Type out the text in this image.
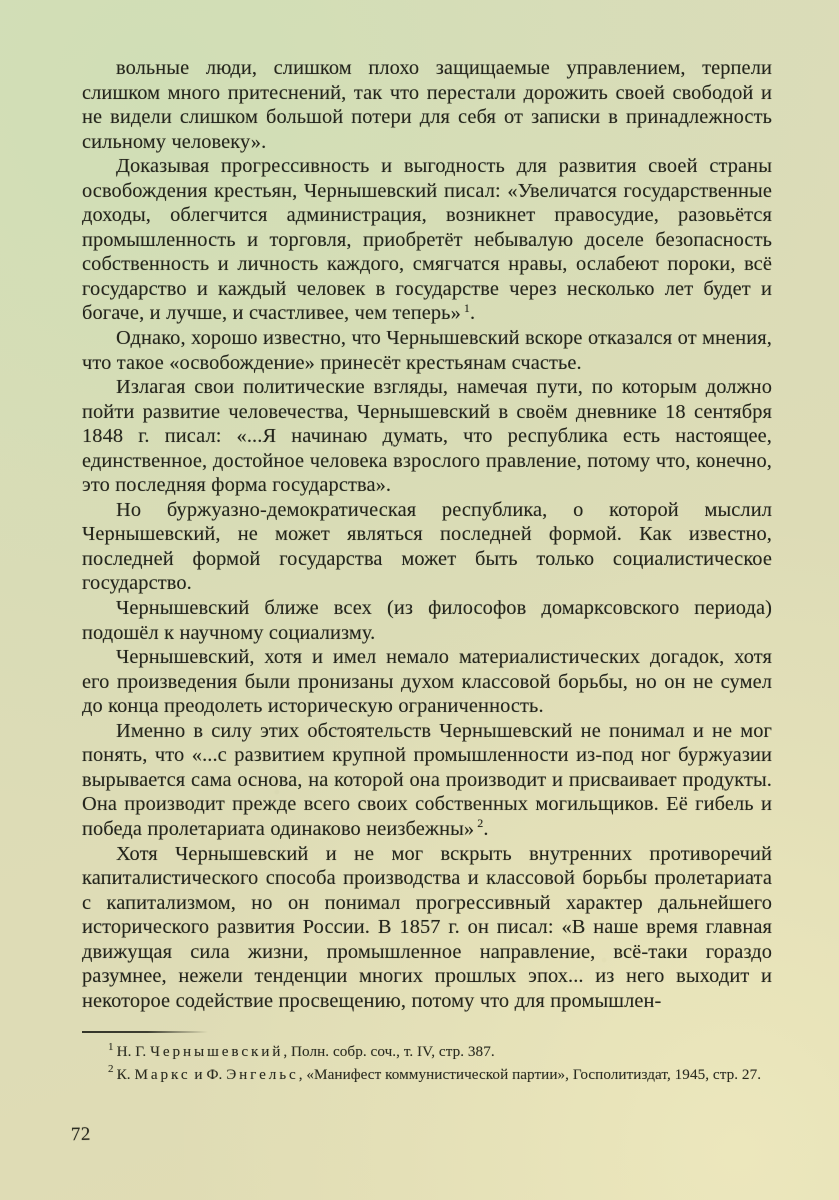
вольные люди, слишком плохо защищаемые управлением, терпели слишком много притеснений, так что перестали дорожить своей свободой и не видели слишком большой потери для себя от записки в принадлежность сильному человеку».

Доказывая прогрессивность и выгодность для развития своей страны освобождения крестьян, Чернышевский писал: «Увеличатся государственные доходы, облегчится администрация, возникнет правосудие, разовьётся промышленность и торговля, приобретёт небывалую доселе безопасность собственность и личность каждого, смягчатся нравы, ослабеют пороки, всё государство и каждый человек в государстве через несколько лет будет и богаче, и лучше, и счастливее, чем теперь» $^1$.

Однако, хорошо известно, что Чернышевский вскоре отказался от мнения, что такое «освобождение» принесёт крестьянам счастье.

Излагая свои политические взгляды, намечая пути, по которым должно пойти развитие человечества, Чернышевский в своём дневнике 18 сентября 1848 г. писал: «...Я начинаю думать, что республика есть настоящее, единственное, достойное человека взрослого правление, потому что, конечно, это последняя форма государства».

Но буржуазно-демократическая республика, о которой мыслил Чернышевский, не может являться последней формой. Как известно, последней формой государства может быть только социалистическое государство.

Чернышевский ближе всех (из философов домарксовского периода) подошёл к научному социализму.

Чернышевский, хотя и имел немало материалистических догадок, хотя его произведения были пронизаны духом классовой борьбы, но он не сумел до конца преодолеть историческую ограниченность.

Именно в силу этих обстоятельств Чернышевский не понимал и не мог понять, что «...с развитием крупной промышленности из-под ног буржуазии вырывается сама основа, на которой она производит и присваивает продукты. Она производит прежде всего своих собственных могильщиков. Её гибель и победа пролетариата одинаково неизбежны» $^2$.

Хотя Чернышевский и не мог вскрыть внутренних противоречий капиталистического способа производства и классовой борьбы пролетариата с капитализмом, но он понимал прогрессивный характер дальнейшего исторического развития России. В 1857 г. он писал: «В наше время главная движущая сила жизни, промышленное направление, всё-таки гораздо разумнее, нежели тенденции многих прошлых эпох... из него выходит и некоторое содействие просвещению, потому что для промышлен-

$^1$ Н. Г. Чернышевский, Полн. собр. соч., т. IV, стр. 387.

$^2$ К. Маркс и Ф. Энгельс, «Манифест коммунистической партии», Госполитиздат, 1945, стр. 27.

72
